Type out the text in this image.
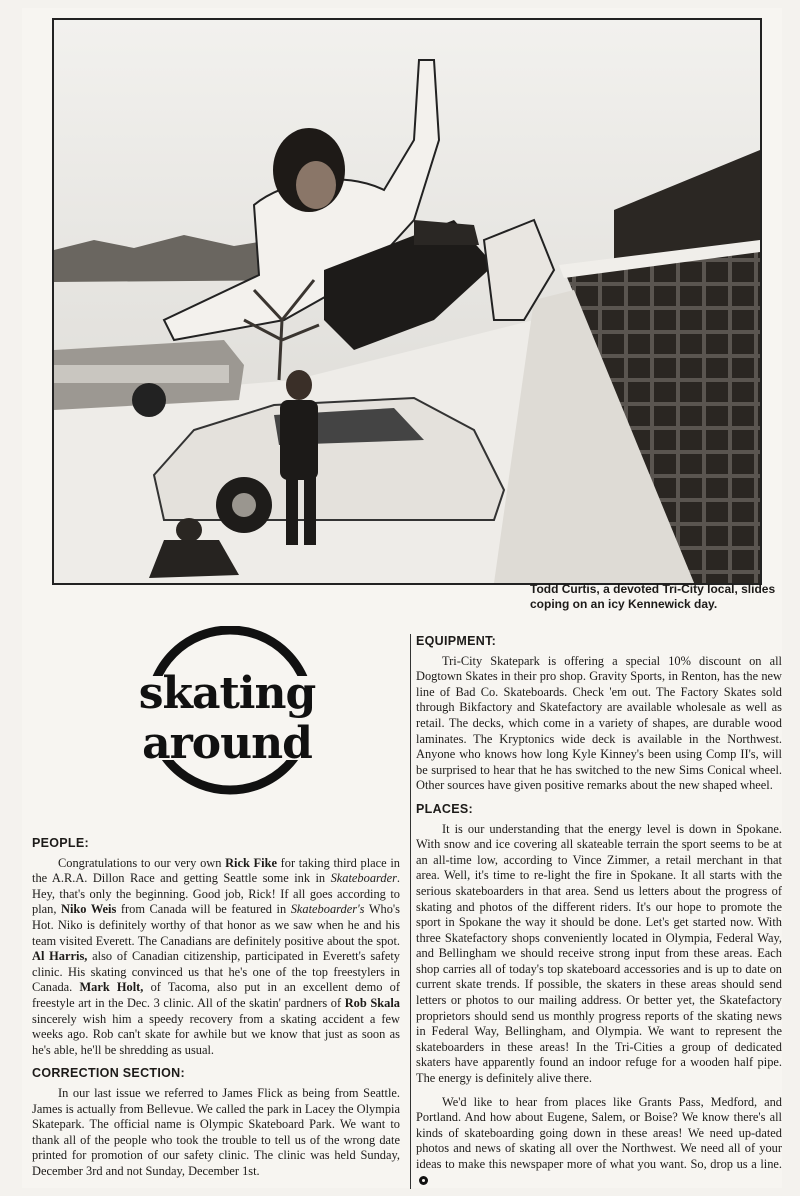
Todd Curtis, a devoted Tri-City local, slides coping on an icy Kennewick day.
skating
around
PEOPLE:

Congratulations to our very own Rick Fike for taking third place in the A.R.A. Dillon Race and getting Seattle some ink in Skateboarder. Hey, that's only the beginning. Good job, Rick! If all goes according to plan, Niko Weis from Canada will be featured in Skateboarder's Who's Hot. Niko is definitely worthy of that honor as we saw when he and his team visited Everett. The Canadians are definitely positive about the spot. Al Harris, also of Canadian citizenship, participated in Everett's safety clinic. His skating convinced us that he's one of the top freestylers in Canada. Mark Holt, of Tacoma, also put in an excellent demo of freestyle art in the Dec. 3 clinic. All of the skatin' pardners of Rob Skala sincerely wish him a speedy recovery from a skating accident a few weeks ago. Rob can't skate for awhile but we know that just as soon as he's able, he'll be shredding as usual.

CORRECTION SECTION:

In our last issue we referred to James Flick as being from Seattle. James is actually from Bellevue. We called the park in Lacey the Olympia Skatepark. The official name is Olympic Skateboard Park. We want to thank all of the people who took the trouble to tell us of the wrong date printed for promotion of our safety clinic. The clinic was held Sunday, December 3rd and not Sunday, December 1st.

EQUIPMENT:

Tri-City Skatepark is offering a special 10% discount on all Dogtown Skates in their pro shop. Gravity Sports, in Renton, has the new line of Bad Co. Skateboards. Check 'em out. The Factory Skates sold through Bikfactory and Skatefactory are available wholesale as well as retail. The decks, which come in a variety of shapes, are durable wood laminates. The Kryptonics wide deck is available in the Northwest. Anyone who knows how long Kyle Kinney's been using Comp II's, will be surprised to hear that he has switched to the new Sims Conical wheel. Other sources have given positive remarks about the new shaped wheel.

PLACES:

It is our understanding that the energy level is down in Spokane. With snow and ice covering all skateable terrain the sport seems to be at an all-time low, according to Vince Zimmer, a retail merchant in that area. Well, it's time to re-light the fire in Spokane. It all starts with the serious skateboarders in that area. Send us letters about the progress of skating and photos of the different riders. It's our hope to promote the sport in Spokane the way it should be done. Let's get started now. With three Skatefactory shops conveniently located in Olympia, Federal Way, and Bellingham we should receive strong input from these areas. Each shop carries all of today's top skateboard accessories and is up to date on current skate trends. If possible, the skaters in these areas should send letters or photos to our mailing address. Or better yet, the Skatefactory proprietors should send us monthly progress reports of the skating news in Federal Way, Bellingham, and Olympia. We want to represent the skateboarders in these areas! In the Tri-Cities a group of dedicated skaters have apparently found an indoor refuge for a wooden half pipe. The energy is definitely alive there.

We'd like to hear from places like Grants Pass, Medford, and Portland. And how about Eugene, Salem, or Boise? We know there's all kinds of skateboarding going down in these areas! We need up-dated photos and news of skating all over the Northwest. We need all of your ideas to make this newspaper more of what you want. So, drop us a line.
